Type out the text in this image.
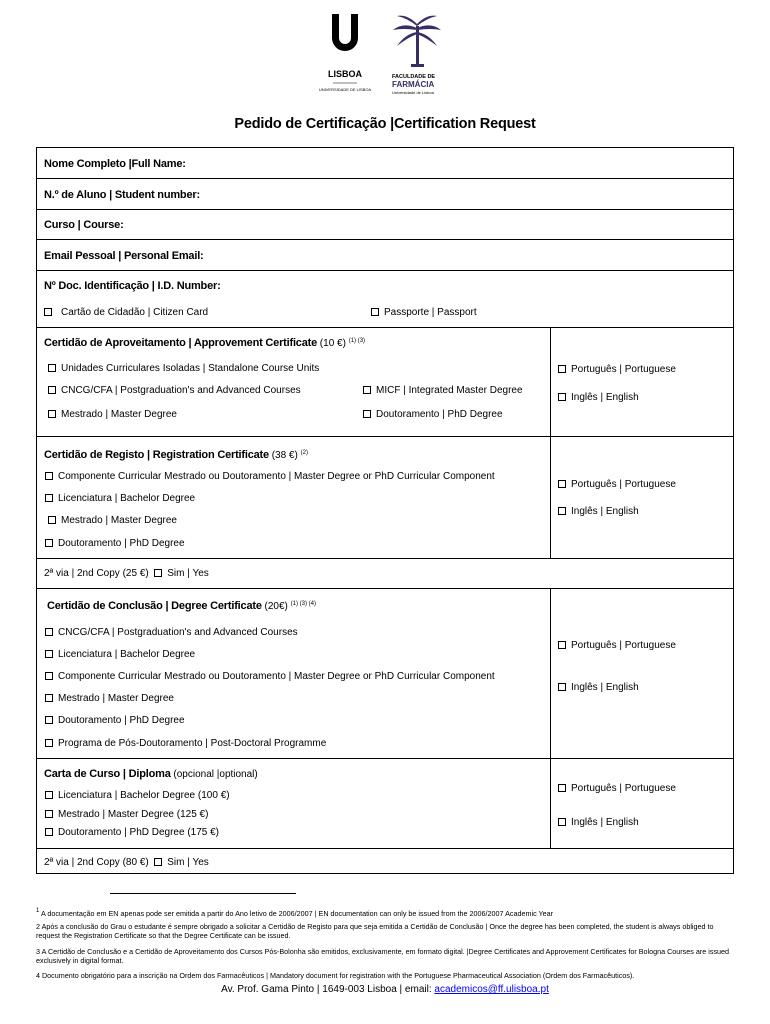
LISBOA
UNIVERSIDADE DE LISBOA
FACULDADE DE
FARMÁCIA
Universidade de Lisboa
Pedido de Certificação |Certification Request
Nome Completo |Full Name:
N.º de Aluno | Student number:
Curso | Course:
Email Pessoal | Personal Email:
Nº Doc. Identificação | I.D. Number:
Cartão de Cidadão | Citizen Card	Passporte | Passport
Certidão de Aproveitamento | Approvement Certificate (10 €) $^{(1) (3)}$
Unidades Curriculares Isoladas | Standalone Course Units
CNCG/CFA | Postgraduation's and Advanced Courses	MICF | Integrated Master Degree
Mestrado | Master Degree	Doutoramento | PhD Degree
Português | Portuguese
Inglês | English
Certidão de Registo | Registration Certificate (38 €) $^{(2)}$
Componente Curricular Mestrado ou Doutoramento | Master Degree or PhD Curricular Component
Licenciatura | Bachelor Degree
Mestrado | Master Degree
Doutoramento | PhD Degree
Português | Portuguese
Inglês | English
2ª via | 2nd Copy (25 €) Sim | Yes
Certidão de Conclusão | Degree Certificate (20€) $^{(1) (3) (4)}$
CNCG/CFA | Postgraduation's and Advanced Courses
Licenciatura | Bachelor Degree
Componente Curricular Mestrado ou Doutoramento | Master Degree or PhD Curricular Component
Mestrado | Master Degree
Doutoramento | PhD Degree
Programa de Pós-Doutoramento | Post-Doctoral Programme
Português | Portuguese
Inglês | English
Carta de Curso | Diploma (opcional |optional)
Licenciatura | Bachelor Degree (100 €)
Mestrado | Master Degree (125 €)
Doutoramento | PhD Degree (175 €)
Português | Portuguese
Inglês | English
2ª via | 2nd Copy (80 €) Sim | Yes
$^1$ A documentação em EN apenas pode ser emitida a partir do Ano letivo de 2006/2007 | EN documentation can only be issued from the 2006/2007 Academic Year
2 Após a conclusão do Grau o estudante é sempre obrigado a solicitar a Certidão de Registo para que seja emitida a Certidão de Conclusão | Once the degree has been completed, the student is always obliged to request the Registration Certificate so that the Degree Certificate can be issued.
3 A Certidão de Conclusão e a Certidão de Aproveitamento dos Cursos Pós-Bolonha são emitidos, exclusivamente, em formato digital. |Degree Certificates and Approvement Certificates for Bologna Courses are issued exclusively in digital format.
4 Documento obrigatório para a inscrição na Ordem dos Farmacêuticos | Mandatory document for registration with the Portuguese Pharmaceutical Association (Ordem dos Farmacêuticos).
Av. Prof. Gama Pinto | 1649-003 Lisboa | email: academicos@ff.ulisboa.pt
